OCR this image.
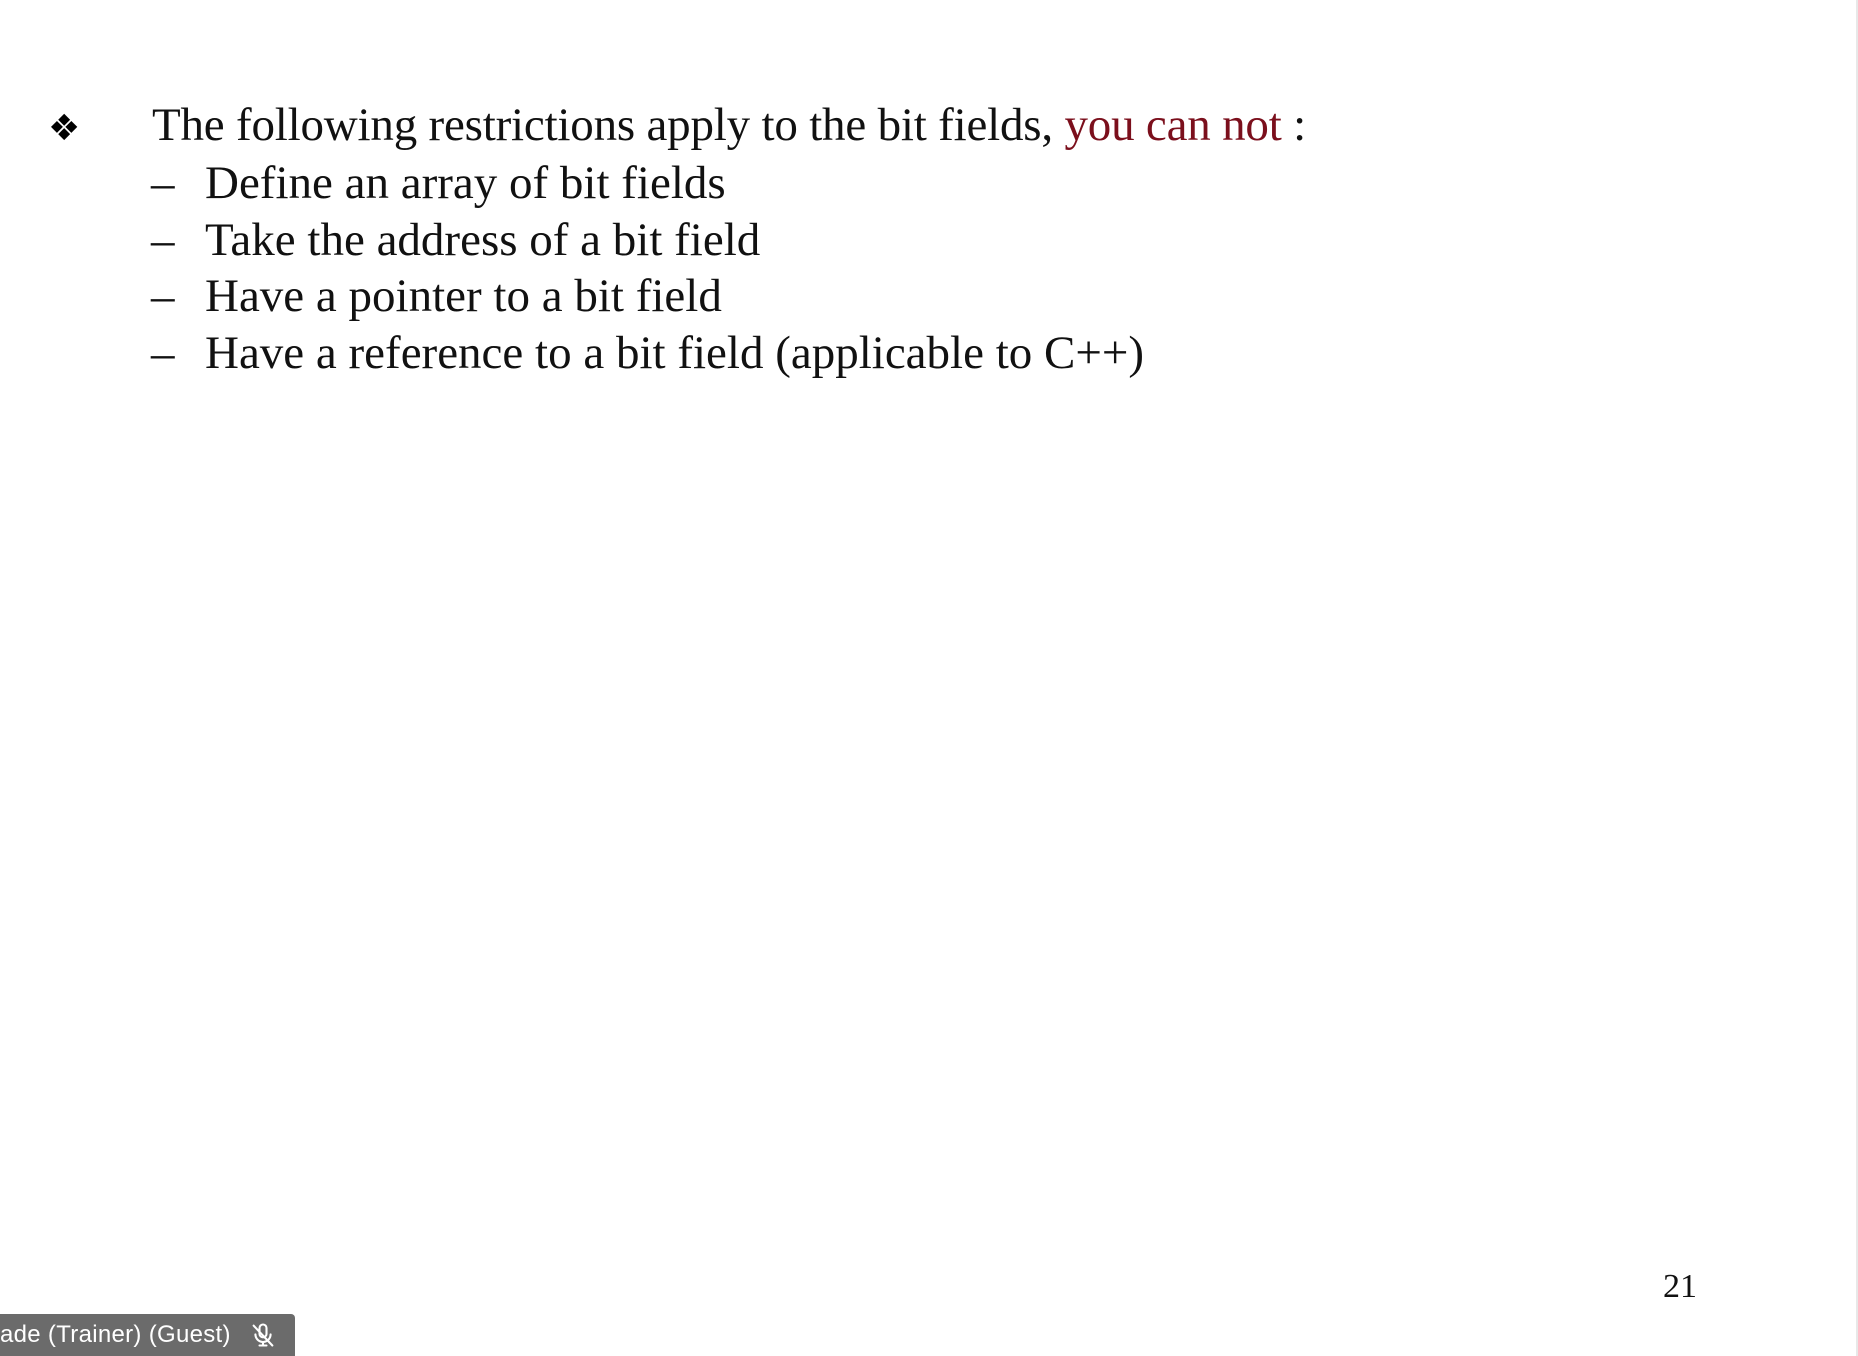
❖	The following restrictions apply to the bit fields, you can not :
– Define an array of bit fields
– Take the address of a bit field
– Have a pointer to a bit field
– Have a reference to a bit field (applicable to C++)
21
ade (Trainer) (Guest)
